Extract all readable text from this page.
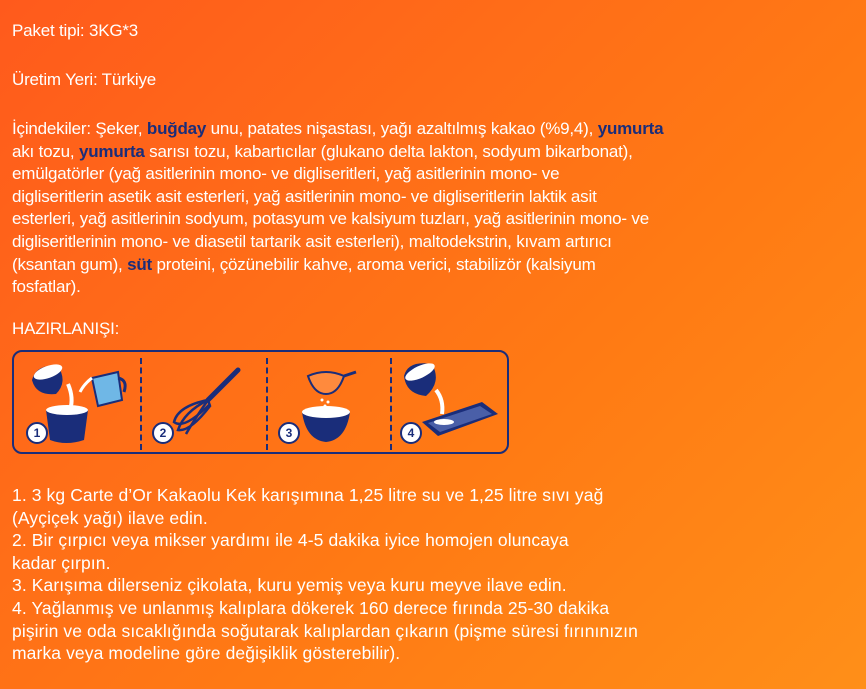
Paket tipi: 3KG*3
Üretim Yeri: Türkiye
İçindekiler: Şeker, buğday unu, patates nişastası, yağı azaltılmış kakao (%9,4), yumurta
akı tozu, yumurta sarısı tozu, kabartıcılar (glukano delta lakton, sodyum bikarbonat),
emülgatörler (yağ asitlerinin mono- ve digliseritleri, yağ asitlerinin mono- ve
digliseritlerin asetik asit esterleri, yağ asitlerinin mono- ve digliseritlerin laktik asit
esterleri, yağ asitlerinin sodyum, potasyum ve kalsiyum tuzları, yağ asitlerinin mono- ve
digliseritlerinin mono- ve diasetil tartarik asit esterleri), maltodekstrin, kıvam artırıcı
(ksantan gum), süt proteini, çözünebilir kahve, aroma verici, stabilizör (kalsiyum
fosfatlar).
HAZIRLANIŞI:
1	2	3	4
1. 3 kg Carte d’Or Kakaolu Kek karışımına 1,25 litre su ve 1,25 litre sıvı yağ
(Ayçiçek yağı) ilave edin.
2. Bir çırpıcı veya mikser yardımı ile 4-5 dakika iyice homojen oluncaya
kadar çırpın.
3. Karışıma dilerseniz çikolata, kuru yemiş veya kuru meyve ilave edin.
4. Yağlanmış ve unlanmış kalıplara dökerek 160 derece fırında 25-30 dakika
pişirin ve oda sıcaklığında soğutarak kalıplardan çıkarın (pişme süresi fırınınızın
marka veya modeline göre değişiklik gösterebilir).
